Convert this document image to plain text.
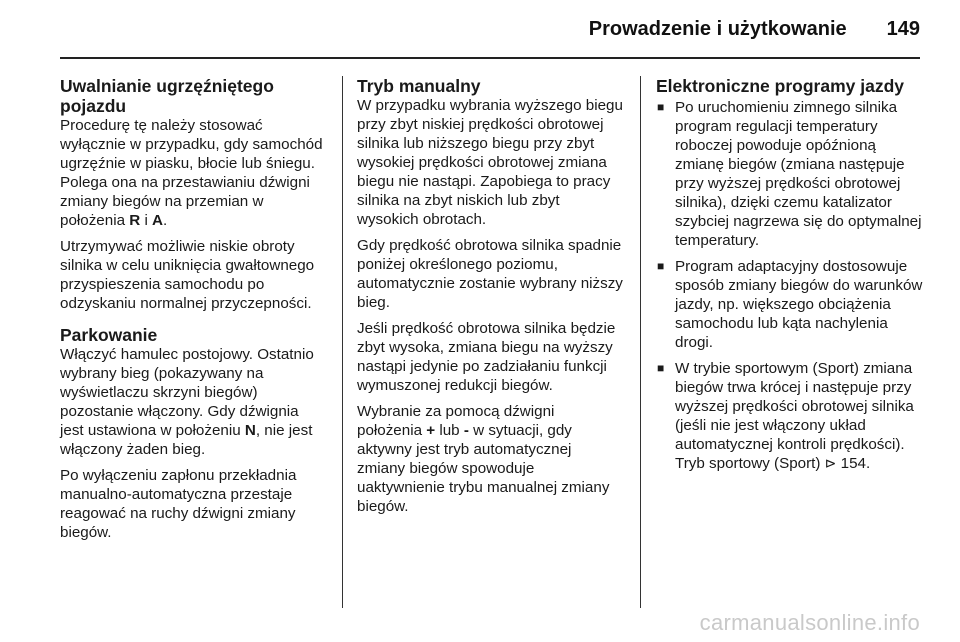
Prowadzenie i użytkowanie 149
Uwalnianie ugrzęźniętego pojazdu

Procedurę tę należy stosować wyłącznie w przypadku, gdy samochód ugrzęźnie w piasku, błocie lub śniegu. Polega ona na przestawianiu dźwigni zmiany biegów na przemian w położenia R i A.

Utrzymywać możliwie niskie obroty silnika w celu uniknięcia gwałtownego przyspieszenia samochodu po odzyskaniu normalnej przyczepności.

Parkowanie

Włączyć hamulec postojowy. Ostatnio wybrany bieg (pokazywany na wyświetlaczu skrzyni biegów) pozostanie włączony. Gdy dźwignia jest ustawiona w położeniu N, nie jest włączony żaden bieg.

Po wyłączeniu zapłonu przekładnia manualno-automatyczna przestaje reagować na ruchy dźwigni zmiany biegów.

Tryb manualny

W przypadku wybrania wyższego biegu przy zbyt niskiej prędkości obrotowej silnika lub niższego biegu przy zbyt wysokiej prędkości obrotowej zmiana biegu nie nastąpi. Zapobiega to pracy silnika na zbyt niskich lub zbyt wysokich obrotach.

Gdy prędkość obrotowa silnika spadnie poniżej określonego poziomu, automatycznie zostanie wybrany niższy bieg.

Jeśli prędkość obrotowa silnika będzie zbyt wysoka, zmiana biegu na wyższy nastąpi jedynie po zadziałaniu funkcji wymuszonej redukcji biegów.

Wybranie za pomocą dźwigni położenia + lub - w sytuacji, gdy aktywny jest tryb automatycznej zmiany biegów spowoduje uaktywnienie trybu manualnej zmiany biegów.

Elektroniczne programy jazdy
■ Po uruchomieniu zimnego silnika program regulacji temperatury roboczej powoduje opóźnioną zmianę biegów (zmiana następuje przy wyższej prędkości obrotowej silnika), dzięki czemu katalizator szybciej nagrzewa się do optymalnej temperatury.
■ Program adaptacyjny dostosowuje sposób zmiany biegów do warunków jazdy, np. większego obciążenia samochodu lub kąta nachylenia drogi.
■ W trybie sportowym (Sport) zmiana biegów trwa krócej i następuje przy wyższej prędkości obrotowej silnika (jeśli nie jest włączony układ automatycznej kontroli prędkości). Tryb sportowy (Sport) ⊳ 154.
carmanualsonline.info
